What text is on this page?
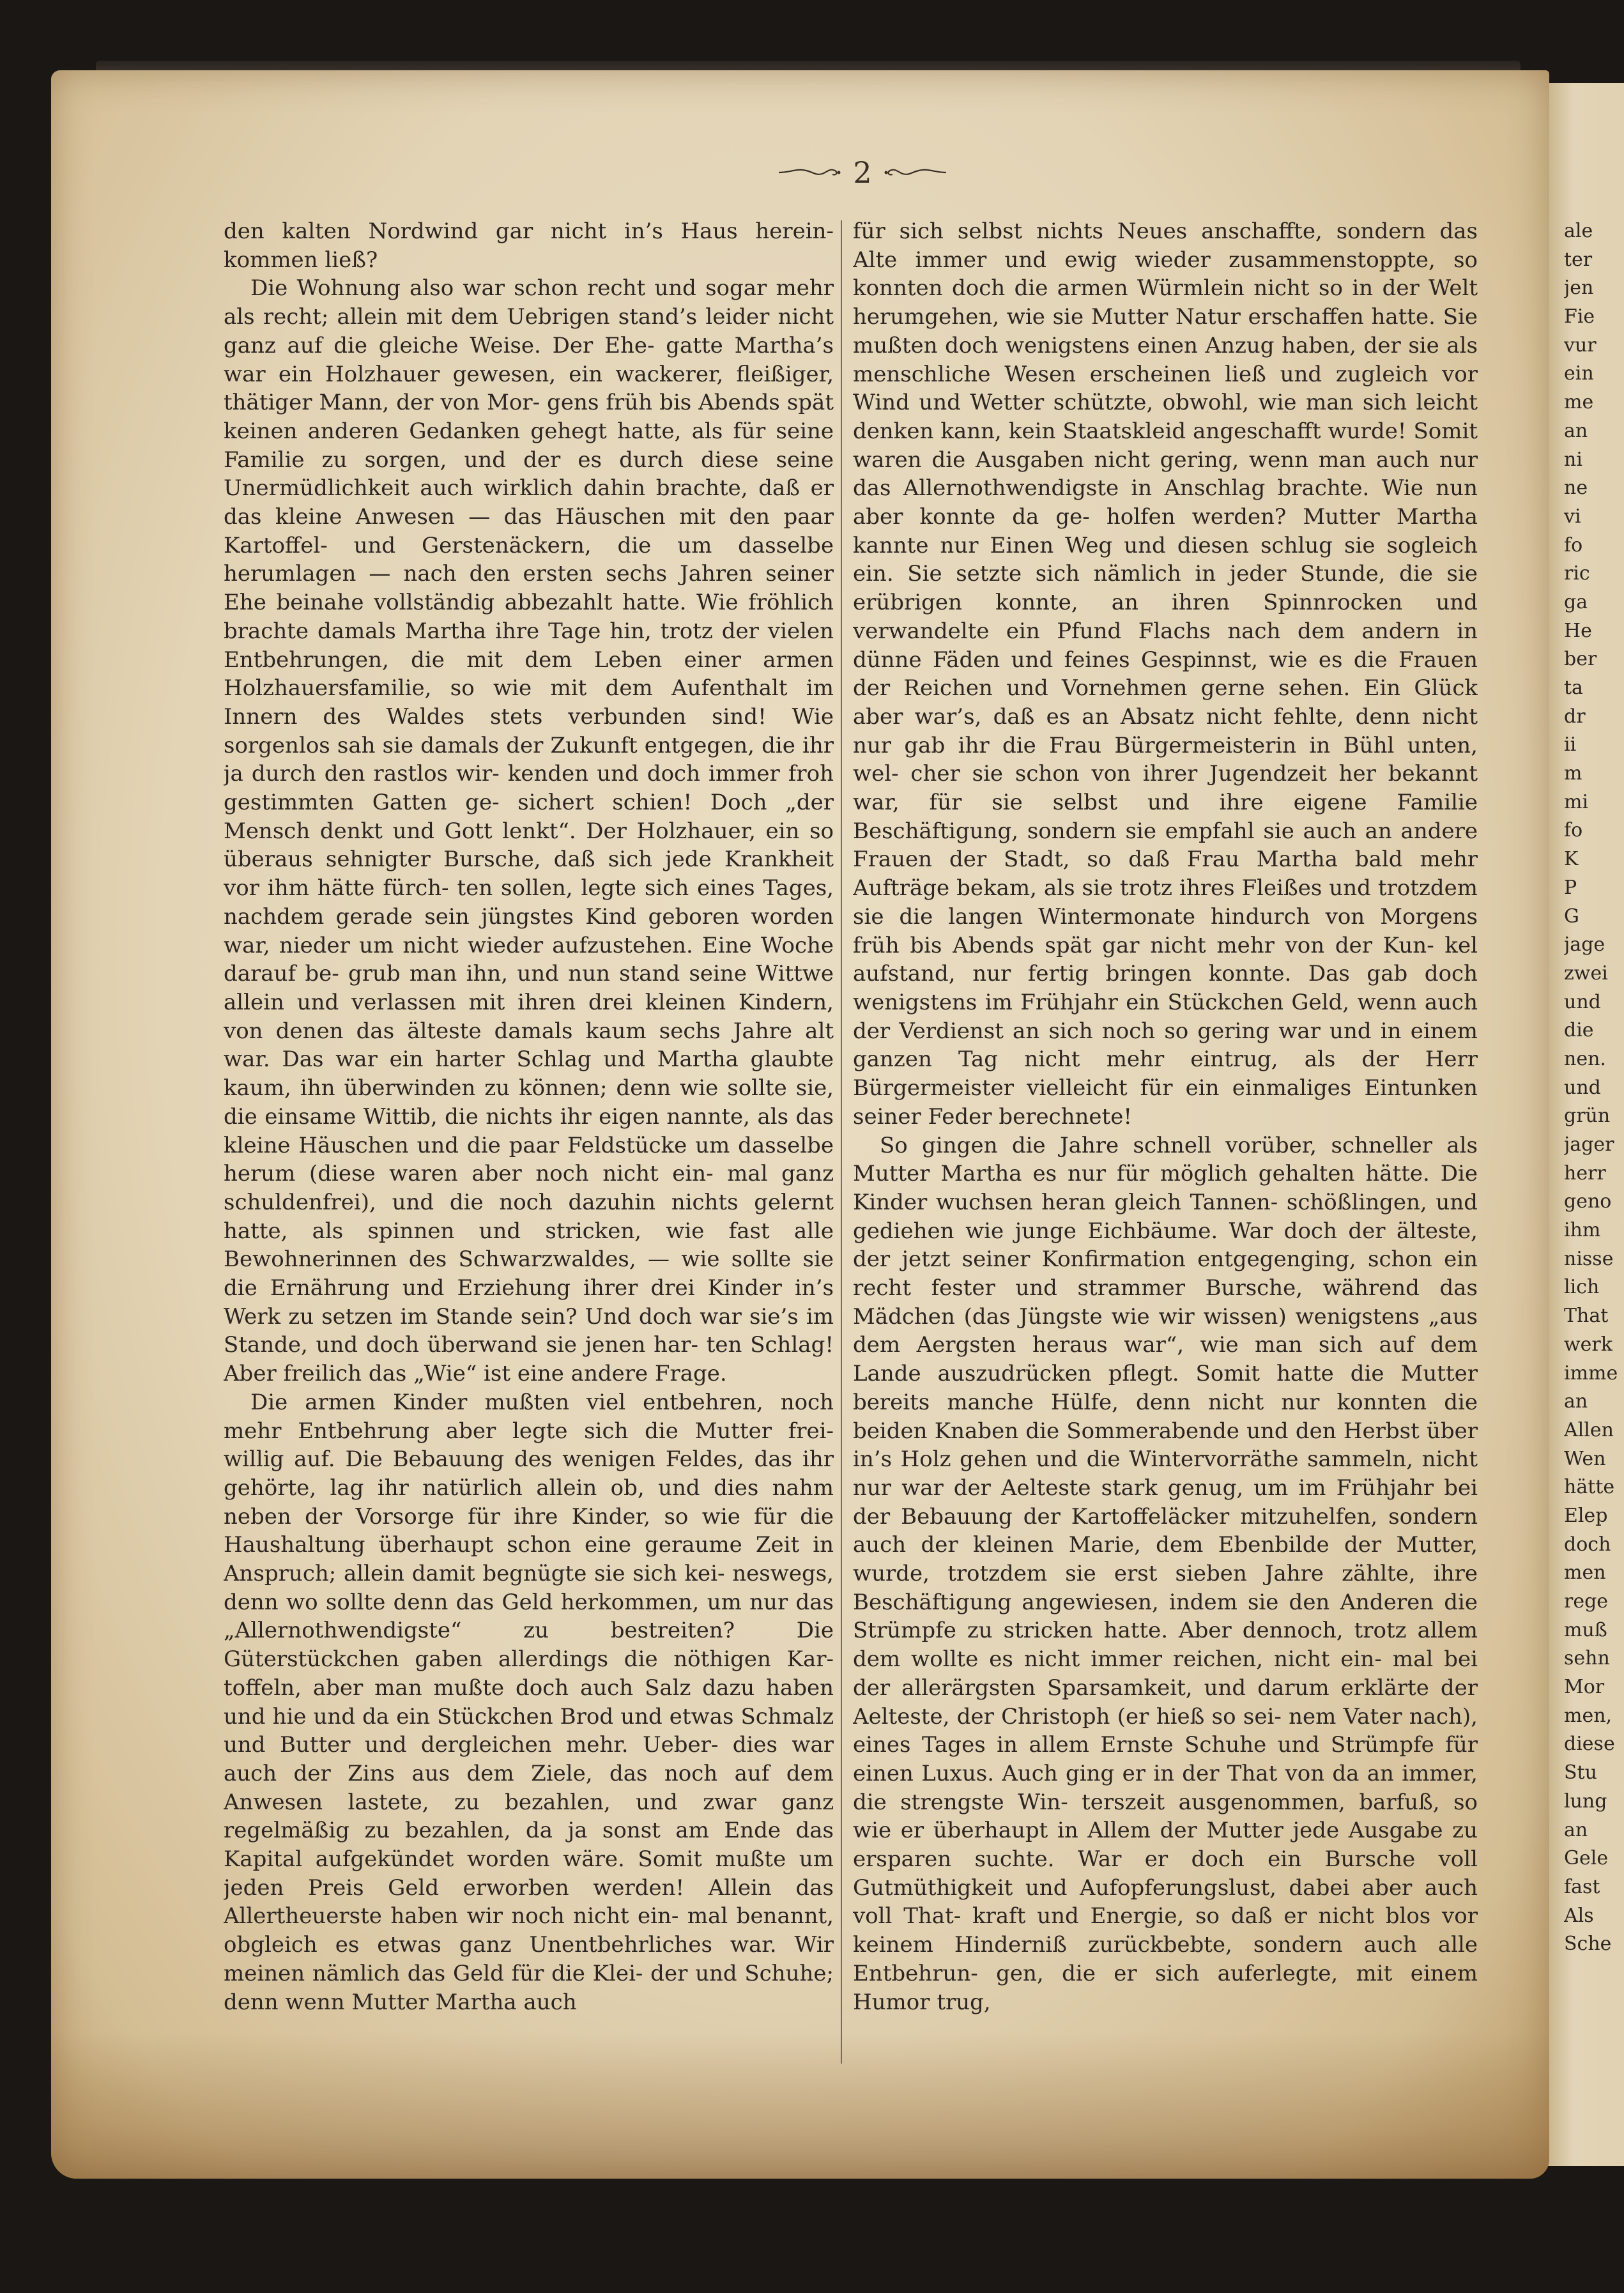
2

den kalten Nordwind gar nicht in’s Haus herein- kommen ließ?

Die Wohnung also war schon recht und sogar mehr als recht; allein mit dem Uebrigen stand’s leider nicht ganz auf die gleiche Weise. Der Ehe- gatte Martha’s war ein Holzhauer gewesen, ein wackerer, fleißiger, thätiger Mann, der von Mor- gens früh bis Abends spät keinen anderen Gedanken gehegt hatte, als für seine Familie zu sorgen, und der es durch diese seine Unermüdlichkeit auch wirklich dahin brachte, daß er das kleine Anwesen — das Häuschen mit den paar Kartoffel- und Gerstenäckern, die um dasselbe herumlagen — nach den ersten sechs Jahren seiner Ehe beinahe vollständig abbezahlt hatte. Wie fröhlich brachte damals Martha ihre Tage hin, trotz der vielen Entbehrungen, die mit dem Leben einer armen Holzhauersfamilie, so wie mit dem Aufenthalt im Innern des Waldes stets verbunden sind! Wie sorgenlos sah sie damals der Zukunft entgegen, die ihr ja durch den rastlos wir- kenden und doch immer froh gestimmten Gatten ge- sichert schien! Doch „der Mensch denkt und Gott lenkt“. Der Holzhauer, ein so überaus sehnigter Bursche, daß sich jede Krankheit vor ihm hätte fürch- ten sollen, legte sich eines Tages, nachdem gerade sein jüngstes Kind geboren worden war, nieder um nicht wieder aufzustehen. Eine Woche darauf be- grub man ihn, und nun stand seine Wittwe allein und verlassen mit ihren drei kleinen Kindern, von denen das älteste damals kaum sechs Jahre alt war. Das war ein harter Schlag und Martha glaubte kaum, ihn überwinden zu können; denn wie sollte sie, die einsame Wittib, die nichts ihr eigen nannte, als das kleine Häuschen und die paar Feldstücke um dasselbe herum (diese waren aber noch nicht ein- mal ganz schuldenfrei), und die noch dazuhin nichts gelernt hatte, als spinnen und stricken, wie fast alle Bewohnerinnen des Schwarzwaldes, — wie sollte sie die Ernährung und Erziehung ihrer drei Kinder in’s Werk zu setzen im Stande sein? Und doch war sie’s im Stande, und doch überwand sie jenen har- ten Schlag! Aber freilich das „Wie“ ist eine andere Frage.

Die armen Kinder mußten viel entbehren, noch mehr Entbehrung aber legte sich die Mutter frei- willig auf. Die Bebauung des wenigen Feldes, das ihr gehörte, lag ihr natürlich allein ob, und dies nahm neben der Vorsorge für ihre Kinder, so wie für die Haushaltung überhaupt schon eine geraume Zeit in Anspruch; allein damit begnügte sie sich kei- neswegs, denn wo sollte denn das Geld herkommen, um nur das „Allernothwendigste“ zu bestreiten? Die Güterstückchen gaben allerdings die nöthigen Kar- toffeln, aber man mußte doch auch Salz dazu haben und hie und da ein Stückchen Brod und etwas Schmalz und Butter und dergleichen mehr. Ueber- dies war auch der Zins aus dem Ziele, das noch auf dem Anwesen lastete, zu bezahlen, und zwar ganz regelmäßig zu bezahlen, da ja sonst am Ende das Kapital aufgekündet worden wäre. Somit mußte um jeden Preis Geld erworben werden! Allein das Allertheuerste haben wir noch nicht ein- mal benannt, obgleich es etwas ganz Unentbehrliches war. Wir meinen nämlich das Geld für die Klei- der und Schuhe; denn wenn Mutter Martha auch

für sich selbst nichts Neues anschaffte, sondern das Alte immer und ewig wieder zusammenstoppte, so konnten doch die armen Würmlein nicht so in der Welt herumgehen, wie sie Mutter Natur erschaffen hatte. Sie mußten doch wenigstens einen Anzug haben, der sie als menschliche Wesen erscheinen ließ und zugleich vor Wind und Wetter schützte, obwohl, wie man sich leicht denken kann, kein Staatskleid angeschafft wurde! Somit waren die Ausgaben nicht gering, wenn man auch nur das Allernothwendigste in Anschlag brachte. Wie nun aber konnte da ge- holfen werden? Mutter Martha kannte nur Einen Weg und diesen schlug sie sogleich ein. Sie setzte sich nämlich in jeder Stunde, die sie erübrigen konnte, an ihren Spinnrocken und verwandelte ein Pfund Flachs nach dem andern in dünne Fäden und feines Gespinnst, wie es die Frauen der Reichen und Vornehmen gerne sehen. Ein Glück aber war’s, daß es an Absatz nicht fehlte, denn nicht nur gab ihr die Frau Bürgermeisterin in Bühl unten, wel- cher sie schon von ihrer Jugendzeit her bekannt war, für sie selbst und ihre eigene Familie Beschäftigung, sondern sie empfahl sie auch an andere Frauen der Stadt, so daß Frau Martha bald mehr Aufträge bekam, als sie trotz ihres Fleißes und trotzdem sie die langen Wintermonate hindurch von Morgens früh bis Abends spät gar nicht mehr von der Kun- kel aufstand, nur fertig bringen konnte. Das gab doch wenigstens im Frühjahr ein Stückchen Geld, wenn auch der Verdienst an sich noch so gering war und in einem ganzen Tag nicht mehr eintrug, als der Herr Bürgermeister vielleicht für ein einmaliges Eintunken seiner Feder berechnete!

So gingen die Jahre schnell vorüber, schneller als Mutter Martha es nur für möglich gehalten hätte. Die Kinder wuchsen heran gleich Tannen- schößlingen, und gediehen wie junge Eichbäume. War doch der älteste, der jetzt seiner Konfirmation entgegenging, schon ein recht fester und strammer Bursche, während das Mädchen (das Jüngste wie wir wissen) wenigstens „aus dem Aergsten heraus war“, wie man sich auf dem Lande auszudrücken pflegt. Somit hatte die Mutter bereits manche Hülfe, denn nicht nur konnten die beiden Knaben die Sommerabende und den Herbst über in’s Holz gehen und die Wintervorräthe sammeln, nicht nur war der Aelteste stark genug, um im Frühjahr bei der Bebauung der Kartoffeläcker mitzuhelfen, sondern auch der kleinen Marie, dem Ebenbilde der Mutter, wurde, trotzdem sie erst sieben Jahre zählte, ihre Beschäftigung angewiesen, indem sie den Anderen die Strümpfe zu stricken hatte. Aber dennoch, trotz allem dem wollte es nicht immer reichen, nicht ein- mal bei der allerärgsten Sparsamkeit, und darum erklärte der Aelteste, der Christoph (er hieß so sei- nem Vater nach), eines Tages in allem Ernste Schuhe und Strümpfe für einen Luxus. Auch ging er in der That von da an immer, die strengste Win- terszeit ausgenommen, barfuß, so wie er überhaupt in Allem der Mutter jede Ausgabe zu ersparen suchte. War er doch ein Bursche voll Gutmüthigkeit und Aufopferungslust, dabei aber auch voll That- kraft und Energie, so daß er nicht blos vor keinem Hinderniß zurückbebte, sondern auch alle Entbehrun- gen, die er sich auferlegte, mit einem Humor trug,

ale
ter
jen
Fie
vur
ein
me
an
ni
ne
vi
fo
ric
ga
He
ber
ta
dr
ii
m
mi
fo
K
P
G
jage
zwei
und
die
nen.
und
grün
jager
herr
geno
ihm
nisse
lich
That
werk
imme
an
Allen
Wen
hätte
Elep
doch
men
rege
muß
sehn
Mor
men,
diese
Stu
lung
an
Gele
fast
Als
Sche
